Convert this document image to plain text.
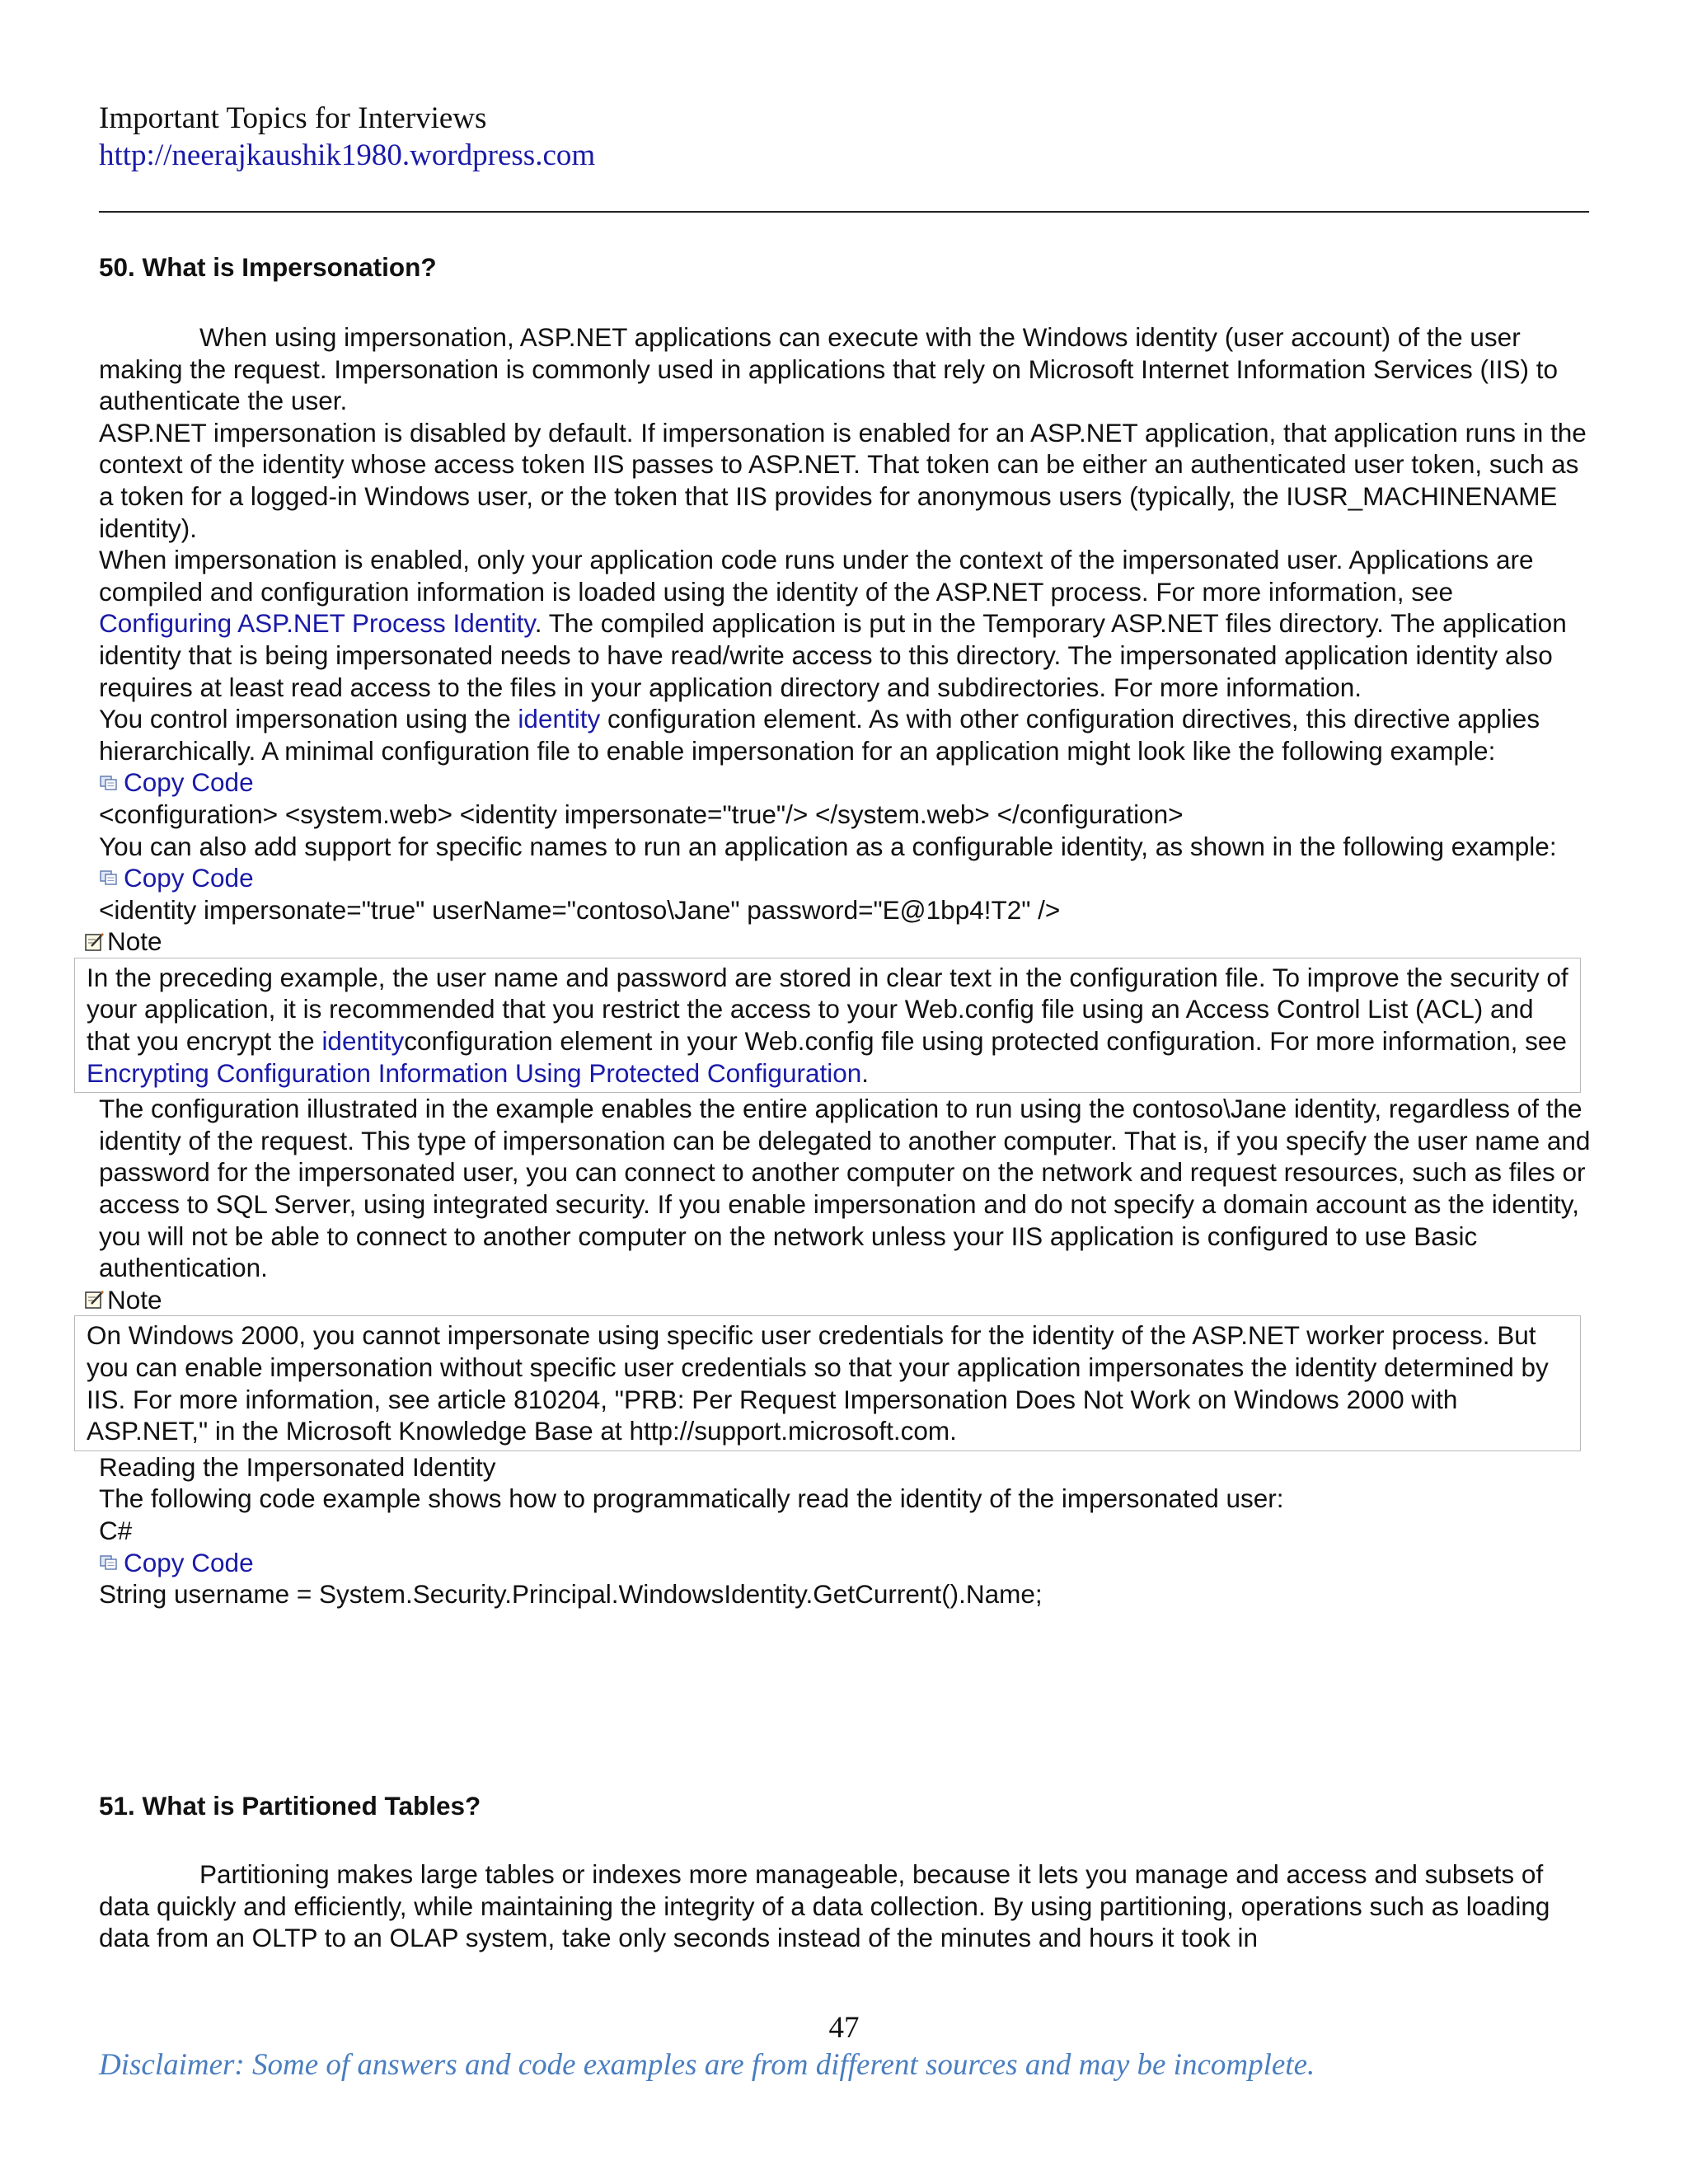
Important Topics for Interviews
http://neerajkaushik1980.wordpress.com
50. What is Impersonation?

When using impersonation, ASP.NET applications can execute with the Windows identity (user account) of the user making the request. Impersonation is commonly used in applications that rely on Microsoft Internet Information Services (IIS) to authenticate the user.

ASP.NET impersonation is disabled by default. If impersonation is enabled for an ASP.NET application, that application runs in the context of the identity whose access token IIS passes to ASP.NET. That token can be either an authenticated user token, such as a token for a logged-in Windows user, or the token that IIS provides for anonymous users (typically, the IUSR_MACHINENAME identity).

When impersonation is enabled, only your application code runs under the context of the impersonated user. Applications are compiled and configuration information is loaded using the identity of the ASP.NET process. For more information, see Configuring ASP.NET Process Identity. The compiled application is put in the Temporary ASP.NET files directory. The application identity that is being impersonated needs to have read/write access to this directory. The impersonated application identity also requires at least read access to the files in your application directory and subdirectories. For more information.

You control impersonation using the identity configuration element. As with other configuration directives, this directive applies hierarchically. A minimal configuration file to enable impersonation for an application might look like the following example:

Copy Code

<configuration> <system.web> <identity impersonate="true"/> </system.web> </configuration>

You can also add support for specific names to run an application as a configurable identity, as shown in the following example:

Copy Code

<identity impersonate="true" userName="contoso\Jane" password="E@1bp4!T2" />

Note
In the preceding example, the user name and password are stored in clear text in the configuration file. To improve the security of your application, it is recommended that you restrict the access to your Web.config file using an Access Control List (ACL) and that you encrypt the identityconfiguration element in your Web.config file using protected configuration. For more information, see Encrypting Configuration Information Using Protected Configuration.

The configuration illustrated in the example enables the entire application to run using the contoso\Jane identity, regardless of the identity of the request. This type of impersonation can be delegated to another computer. That is, if you specify the user name and password for the impersonated user, you can connect to another computer on the network and request resources, such as files or access to SQL Server, using integrated security. If you enable impersonation and do not specify a domain account as the identity, you will not be able to connect to another computer on the network unless your IIS application is configured to use Basic authentication.

Note
On Windows 2000, you cannot impersonate using specific user credentials for the identity of the ASP.NET worker process. But you can enable impersonation without specific user credentials so that your application impersonates the identity determined by IIS. For more information, see article 810204, "PRB: Per Request Impersonation Does Not Work on Windows 2000 with ASP.NET," in the Microsoft Knowledge Base at http://support.microsoft.com.

Reading the Impersonated Identity

The following code example shows how to programmatically read the identity of the impersonated user:

C#

Copy Code

String username = System.Security.Principal.WindowsIdentity.GetCurrent().Name;

51. What is Partitioned Tables?

Partitioning makes large tables or indexes more manageable, because it lets you manage and access and subsets of data quickly and efficiently, while maintaining the integrity of a data collection. By using partitioning, operations such as loading data from an OLTP to an OLAP system, take only seconds instead of the minutes and hours it took in

47
Disclaimer: Some of answers and code examples are from different sources and may be incomplete.
